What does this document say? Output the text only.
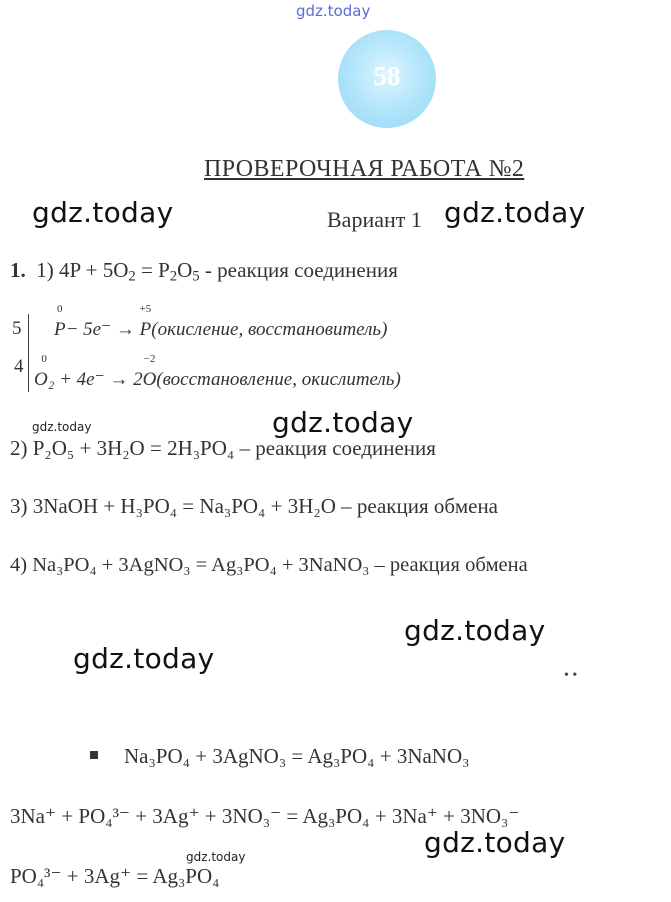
gdz.today
58
ПРОВЕРОЧНАЯ РАБОТА №2
gdz.today	Вариант 1 gdz.today
1. 1) $4P + 5O_2 = P_2O_5$ - реакция соединения
5
4
0
P− 5e⁻ →
+5
P(окисление, восстановитель)
0
O₂ + 4e⁻ → 2
−2
O(восстановление, окислитель)
gdz.today	gdz.today
2) P₂O₅ + 3H₂O = 2H₃PO₄ – реакция соединения
3) 3NaOH + H₃PO₄ = Na₃PO₄ + 3H₂O – реакция обмена
4) Na₃PO₄ + 3AgNO₃ = Ag₃PO₄ + 3NaNO₃ – реакция обмена
gdz.today
gdz.today
• •
Na₃PO₄ + 3AgNO₃ = Ag₃PO₄ + 3NaNO₃
3Na⁺ + PO₄³⁻ + 3Ag⁺ + 3NO₃⁻ = Ag₃PO₄ + 3Na⁺ + 3NO₃⁻
gdz.today
gdz.today
PO₄³⁻ + 3Ag⁺ = Ag₃PO₄
